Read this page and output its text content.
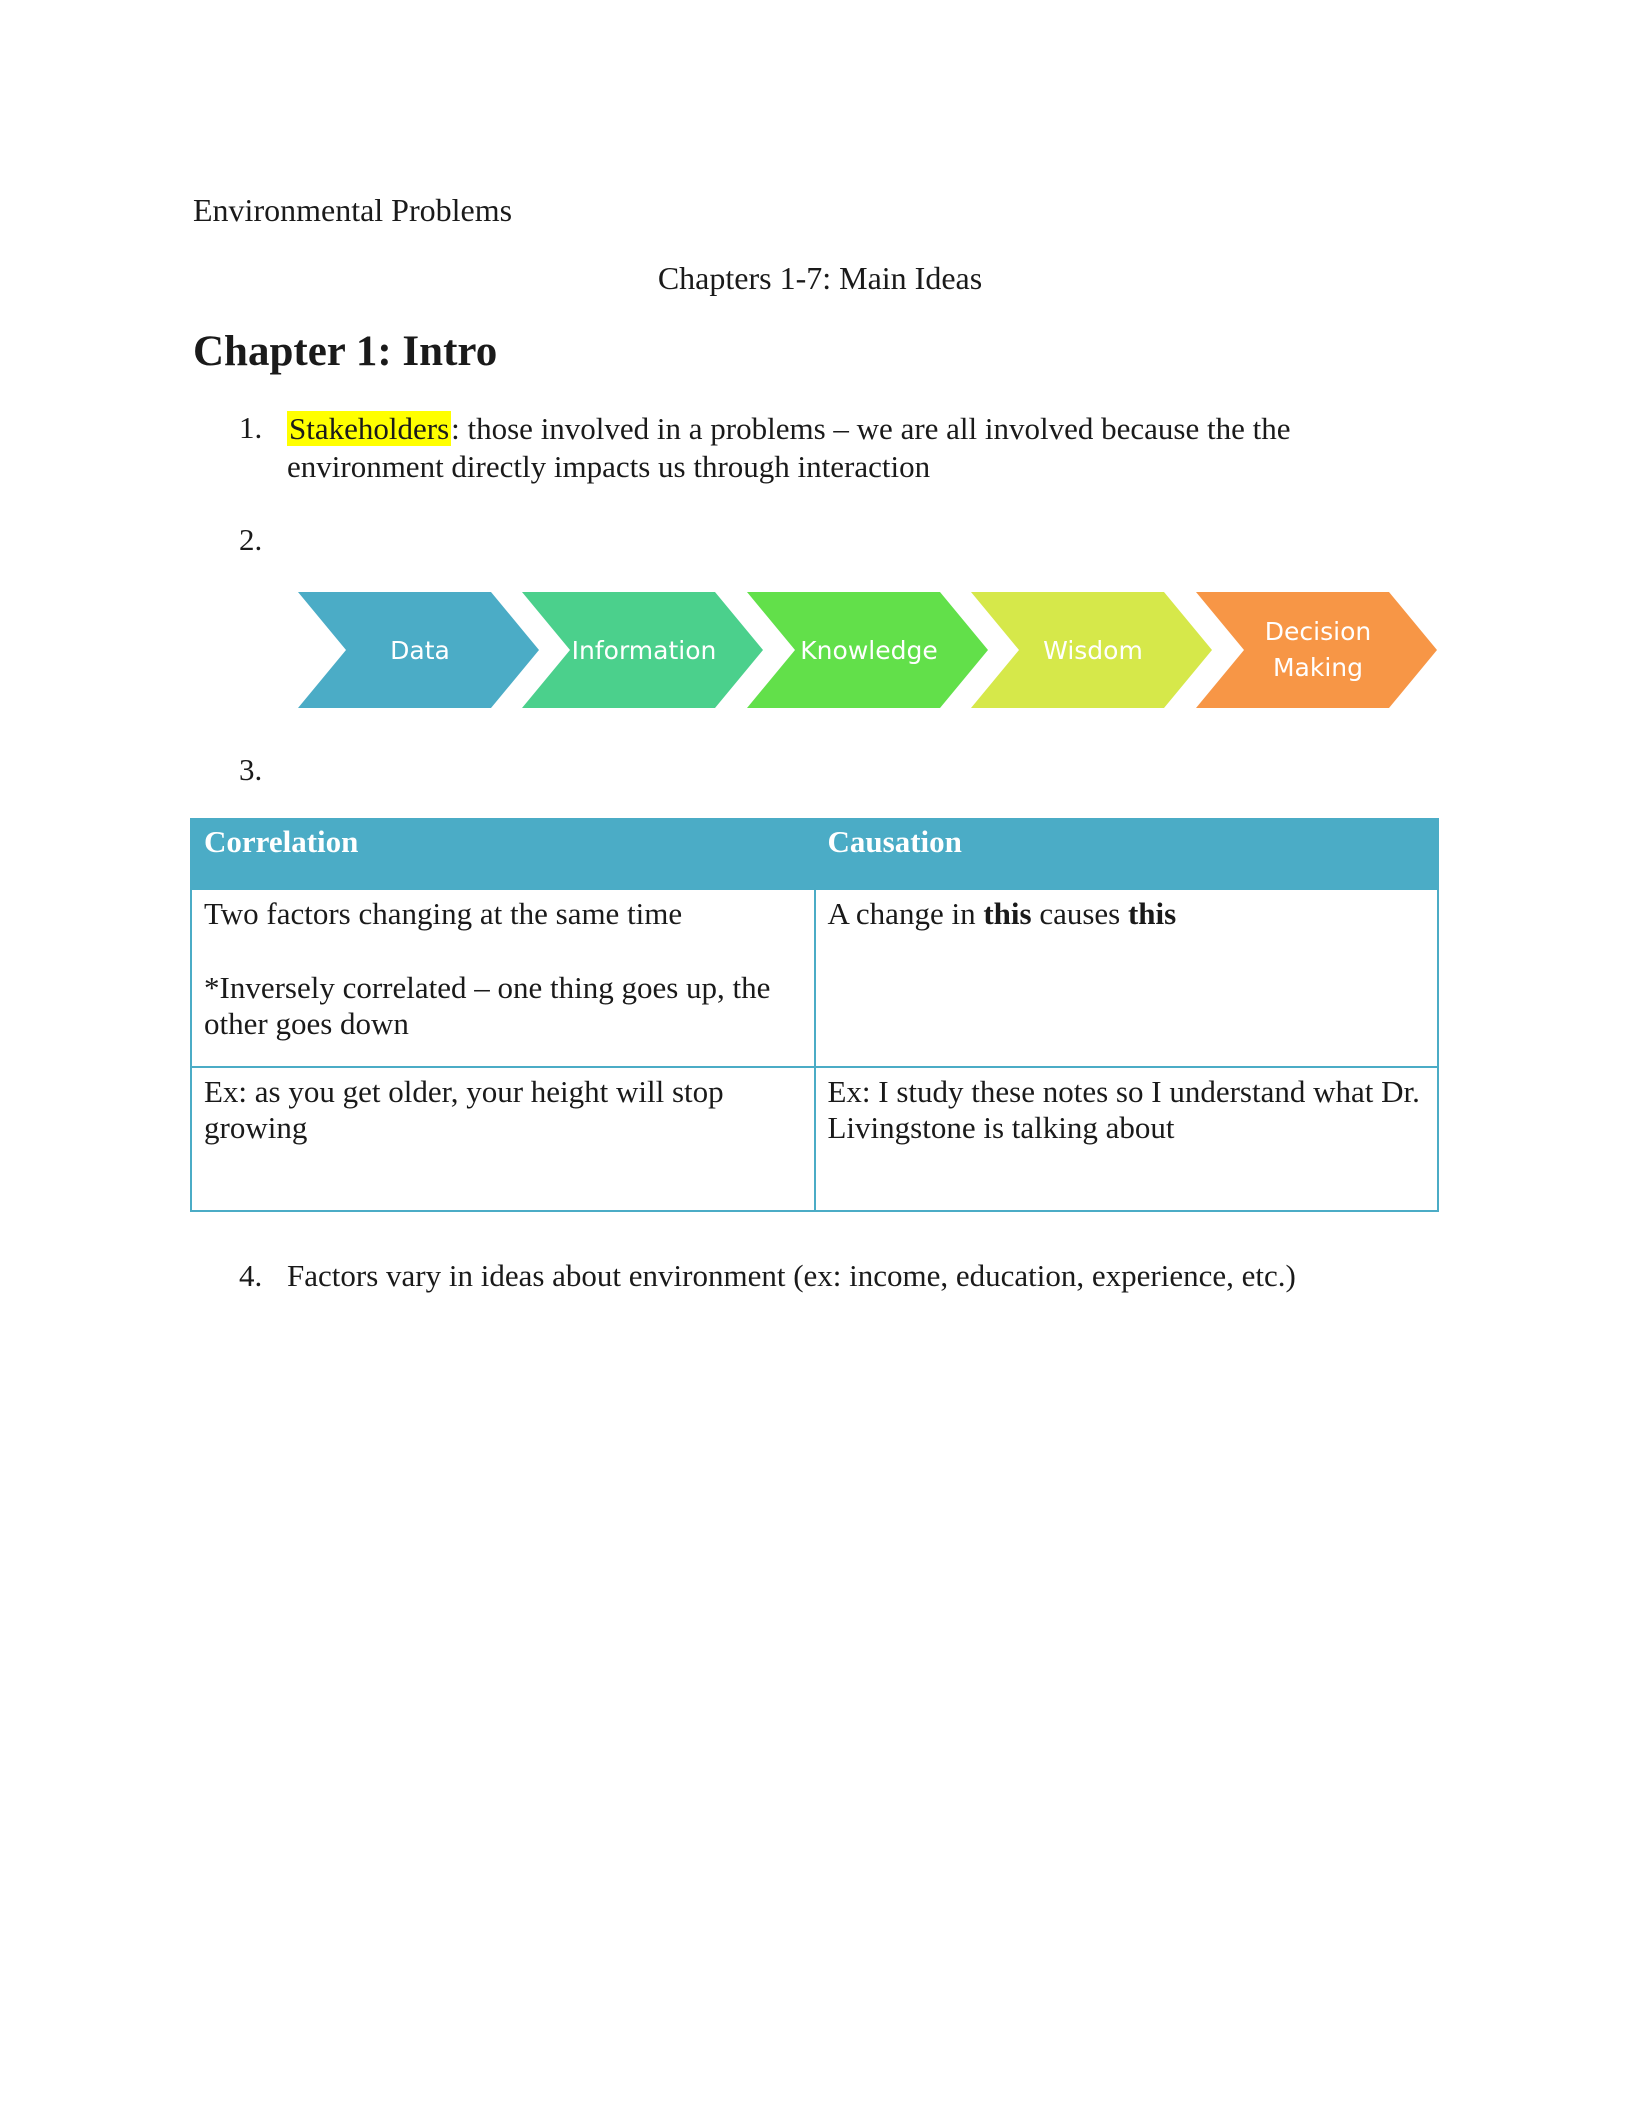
Environmental Problems
Chapters 1-7: Main Ideas
Chapter 1: Intro
1. Stakeholders: those involved in a problems – we are all involved because the the environment directly impacts us through interaction
2.
Data	Information	Knowledge	Wisdom
Decision
Making
3.
Correlation	Causation

Two factors changing at the same time
*Inversely correlated – one thing goes up, the other goes down	A change in this causes this

Ex: as you get older, your height will stop growing	Ex: I study these notes so I understand what Dr. Livingstone is talking about
4. Factors vary in ideas about environment (ex: income, education, experience, etc.)
